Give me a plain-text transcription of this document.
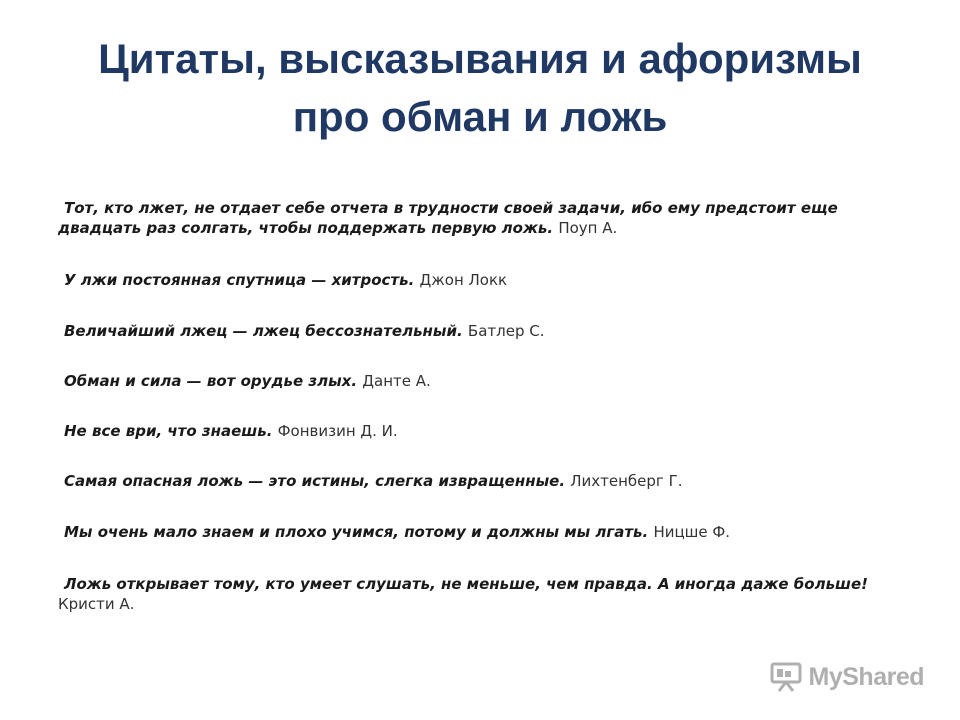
Цитаты, высказывания и афоризмы
про обман и ложь
Тот, кто лжет, не отдает себе отчета в трудности своей задачи, ибо ему предстоит еще двадцать раз солгать, чтобы поддержать первую ложь. Поуп А.
У лжи постоянная спутница — хитрость. Джон Локк
Величайший лжец — лжец бессознательный. Батлер С.
Обман и сила — вот орудье злых. Данте А.
Не все ври, что знаешь. Фонвизин Д. И.
Самая опасная ложь — это истины, слегка извращенные. Лихтенберг Г.
Мы очень мало знаем и плохо учимся, потому и должны мы лгать. Ницше Ф.
Ложь открывает тому, кто умеет слушать, не меньше, чем правда. А иногда даже больше! Кристи А.
MyShared
